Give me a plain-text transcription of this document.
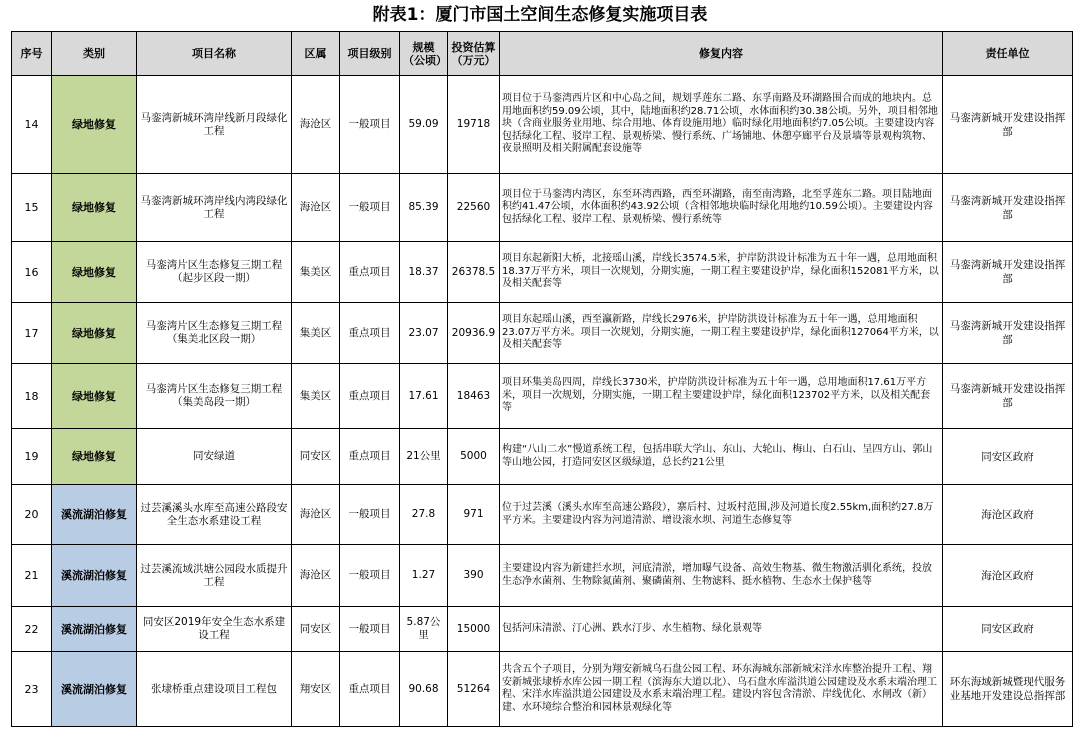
附表1：厦门市国土空间生态修复实施项目表
序号	类别	项目名称	区属	项目级别	规模（公顷）	投资估算（万元）	修复内容	责任单位
14	绿地修复	马銮湾新城环湾岸线新月段绿化工程	海沧区	一般项目	59.09	19718	项目位于马銮湾西片区和中心岛之间，规划孚莲东二路、东孚南路及环湖路围合而成的地块内。总用地面积约59.09公顷，其中，陆地面积约28.71公顷，水体面积约30.38公顷。另外，项目相邻地块（含商业服务业用地、综合用地、体育设施用地）临时绿化用地面积约7.05公顷。主要建设内容包括绿化工程、驳岸工程、景观桥梁、慢行系统、广场铺地、休憩亭廊平台及景墙等景观构筑物、夜景照明及相关附属配套设施等	马銮湾新城开发建设指挥部
15	绿地修复	马銮湾新城环湾岸线内湾段绿化工程	海沧区	一般项目	85.39	22560	项目位于马銮湾内湾区，东至环湾西路，西至环湖路，南至南湾路，北至孚莲东二路。项目陆地面积约41.47公顷，水体面积约43.92公顷（含相邻地块临时绿化用地约10.59公顷）。主要建设内容包括绿化工程、驳岸工程、景观桥梁、慢行系统等	马銮湾新城开发建设指挥部
16	绿地修复	马銮湾片区生态修复三期工程（起步区段一期）	集美区	重点项目	18.37	26378.5	项目东起新阳大桥，北接瑶山溪，岸线长3574.5米，护岸防洪设计标准为五十年一遇，总用地面积18.37万平方米，项目一次规划，分期实施，一期工程主要建设护岸，绿化面积152081平方米，以及相关配套等	马銮湾新城开发建设指挥部
17	绿地修复	马銮湾片区生态修复三期工程（集美北区段一期）	集美区	重点项目	23.07	20936.9	项目东起瑶山溪，西至瀛新路，岸线长2976米，护岸防洪设计标准为五十年一遇，总用地面积23.07万平方米。项目一次规划，分期实施，一期工程主要建设护岸，绿化面积127064平方米，以及相关配套等	马銮湾新城开发建设指挥部
18	绿地修复	马銮湾片区生态修复三期工程（集美岛段一期）	集美区	重点项目	17.61	18463	项目环集美岛四周，岸线长3730米，护岸防洪设计标准为五十年一遇，总用地面积17.61万平方米，项目一次规划，分期实施，一期工程主要建设护岸，绿化面积123702平方米，以及相关配套等	马銮湾新城开发建设指挥部
19	绿地修复	同安绿道	同安区	重点项目	21公里	5000	构建“八山二水”慢道系统工程，包括串联大学山、东山、大轮山、梅山、白石山、呈四方山、郭山等山地公园，打造同安区区级绿道，总长约21公里	同安区政府
20	溪流湖泊修复	过芸溪溪头水库至高速公路段安全生态水系建设工程	海沧区	一般项目	27.8	971	位于过芸溪（溪头水库至高速公路段），寨后村、过坂村范围,涉及河道长度2.55km,面积约27.8万平方米。主要建设内容为河道清淤、增设滚水坝、河道生态修复等	海沧区政府
21	溪流湖泊修复	过芸溪流域洪塘公园段水质提升工程	海沧区	一般项目	1.27	390	主要建设内容为新建拦水坝，河底清淤，增加曝气设备、高效生物基、微生物激活驯化系统，投放生态净水菌剂、生物除氮菌剂、聚磷菌剂、生物滤料、挺水植物、生态水土保护毯等	海沧区政府
22	溪流湖泊修复	同安区2019年安全生态水系建设工程	同安区	一般项目	5.87公里	15000	包括河床清淤、汀心洲、跌水汀步、水生植物、绿化景观等	同安区政府
23	溪流湖泊修复	张埭桥重点建设项目工程包	翔安区	重点项目	90.68	51264	共含五个子项目，分别为翔安新城乌石盘公园工程、环东海城东部新城宋洋水库整治提升工程、翔安新城张埭桥水库公园一期工程（滨海东大道以北）、乌石盘水库溢洪道公园建设及水系末端治理工程、宋洋水库溢洪道公园建设及水系末端治理工程。建设内容包含清淤、岸线优化、水闸改（新）建、水环境综合整治和园林景观绿化等	环东海域新城暨现代服务业基地开发建设总指挥部
